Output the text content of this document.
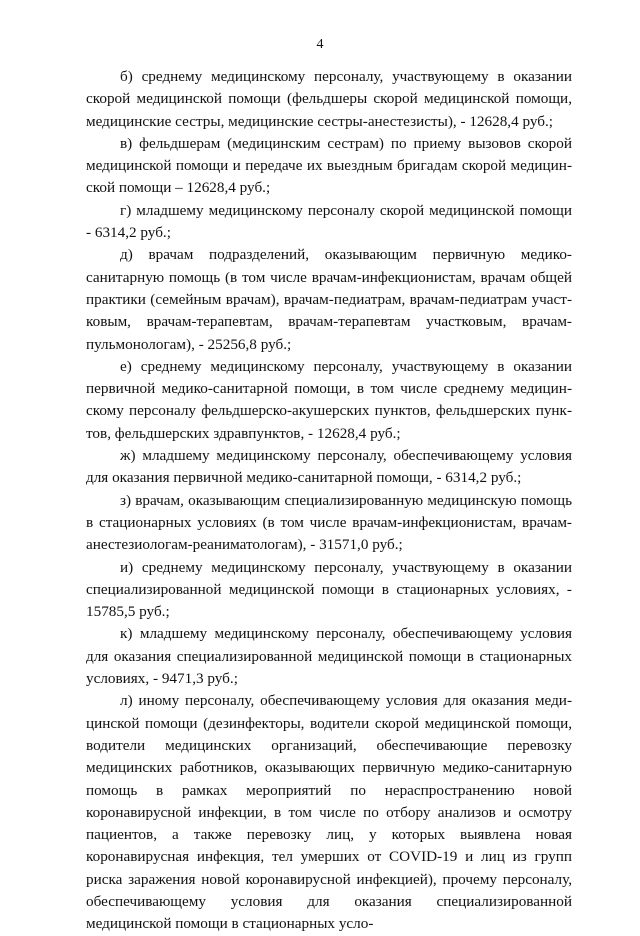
4

б) среднему медицинскому персоналу, участвующему в оказании скорой медицинской помощи (фельдшеры скорой медицинской помощи, медицинские сестры, медицинские сестры-анестезисты), - 12628,4 руб.;

в) фельдшерам (медицинским сестрам) по приему вызовов скорой медицинской помощи и передаче их выездным бригадам скорой медицинской помощи – 12628,4 руб.;

г) младшему медицинскому персоналу скорой медицинской помощи - 6314,2 руб.;

д) врачам подразделений, оказывающим первичную медико-санитарную помощь (в том числе врачам-инфекционистам, врачам общей практики (семейным врачам), врачам-педиатрам, врачам-педиатрам участковым, врачам-терапевтам, врачам-терапевтам участковым, врачам-пульмонологам), - 25256,8 руб.;

е) среднему медицинскому персоналу, участвующему в оказании первичной медико-санитарной помощи, в том числе среднему медицинскому персоналу фельдшерско-акушерских пунктов, фельдшерских пунктов, фельдшерских здравпунктов, - 12628,4 руб.;

ж) младшему медицинскому персоналу, обеспечивающему условия для оказания первичной медико-санитарной помощи, - 6314,2 руб.;

з) врачам, оказывающим специализированную медицинскую помощь в стационарных условиях (в том числе врачам-инфекционистам, врачам-анестезиологам-реаниматологам), - 31571,0 руб.;

и) среднему медицинскому персоналу, участвующему в оказании специализированной медицинской помощи в стационарных условиях, - 15785,5 руб.;

к) младшему медицинскому персоналу, обеспечивающему условия для оказания специализированной медицинской помощи в стационарных условиях, - 9471,3 руб.;

л) иному персоналу, обеспечивающему условия для оказания медицинской помощи (дезинфекторы, водители скорой медицинской помощи, водители медицинских организаций, обеспечивающие перевозку медицинских работников, оказывающих первичную медико-санитарную помощь в рамках мероприятий по нераспространению новой коронавирусной инфекции, в том числе по отбору анализов и осмотру пациентов, а также перевозку лиц, у которых выявлена новая коронавирусная инфекция, тел умерших от COVID-19 и лиц из групп риска заражения новой коронавирусной инфекцией), прочему персоналу, обеспечивающему условия для оказания специализированной медицинской помощи в стационарных усло-
